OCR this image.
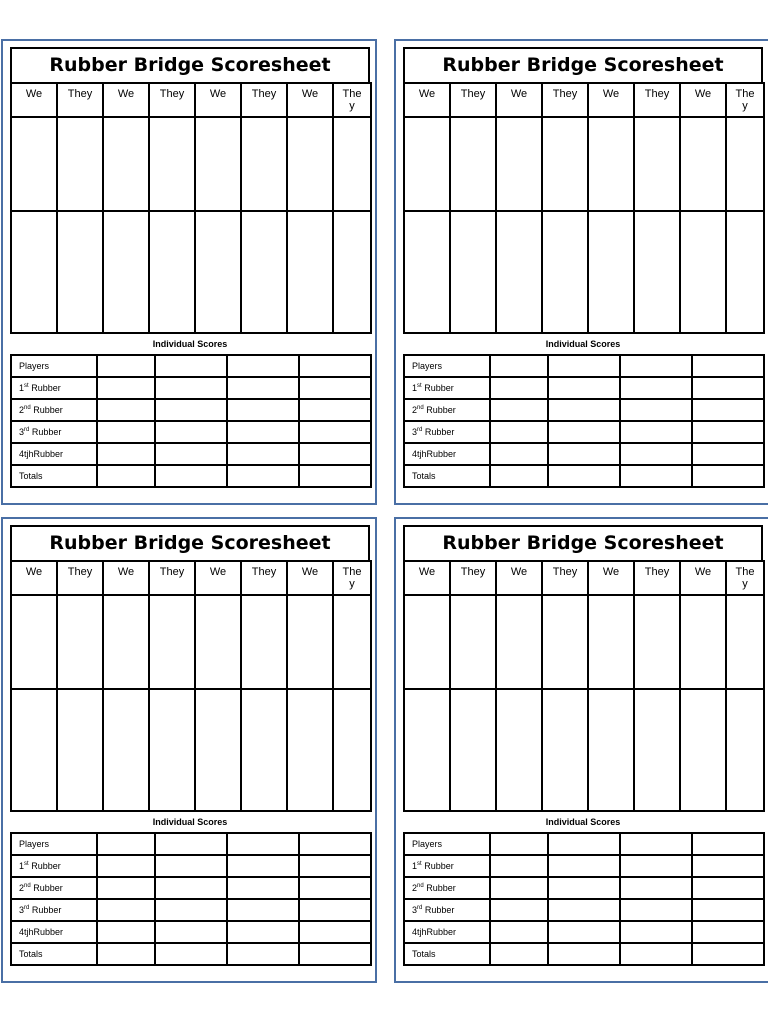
Rubber Bridge Scoresheet
We	They	We	They	We	They	We	They

Individual Scores
Players				
1st Rubber				
2nd Rubber				
3rd Rubber				
4tjhRubber				
Totals				
Rubber Bridge Scoresheet
We	They	We	They	We	They	We	They

Individual Scores
Players				
1st Rubber				
2nd Rubber				
3rd Rubber				
4tjhRubber				
Totals				
Rubber Bridge Scoresheet
We	They	We	They	We	They	We	They

Individual Scores
Players				
1st Rubber				
2nd Rubber				
3rd Rubber				
4tjhRubber				
Totals				
Rubber Bridge Scoresheet
We	They	We	They	We	They	We	They

Individual Scores
Players				
1st Rubber				
2nd Rubber				
3rd Rubber				
4tjhRubber				
Totals				
